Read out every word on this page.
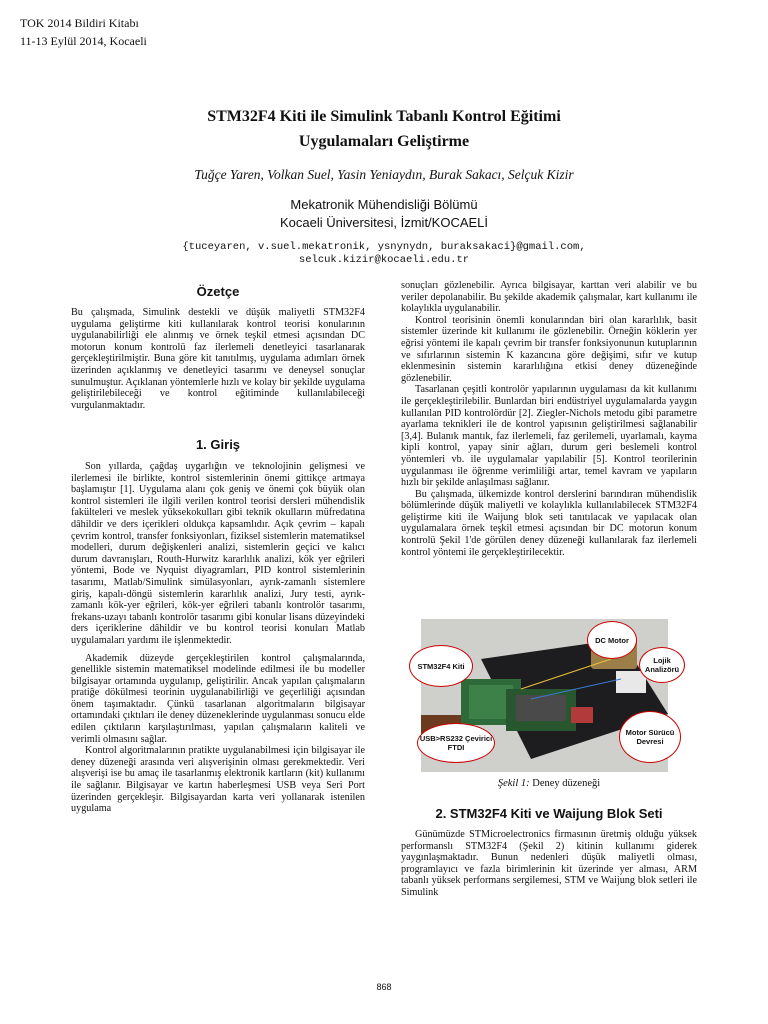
TOK 2014 Bildiri Kitabı
11-13 Eylül 2014, Kocaeli
STM32F4 Kiti ile Simulink Tabanlı Kontrol Eğitimi
Uygulamaları Geliştirme
Tuğçe Yaren, Volkan Suel, Yasin Yeniaydın, Burak Sakacı, Selçuk Kizir
Mekatronik Mühendisliği Bölümü
Kocaeli Üniversitesi, İzmit/KOCAELİ
{tuceyaren, v.suel.mekatronik, ysnynydn, buraksakaci}@gmail.com,
selcuk.kizir@kocaeli.edu.tr
Özetçe

Bu çalışmada, Simulink destekli ve düşük maliyetli STM32F4 uygulama geliştirme kiti kullanılarak kontrol teorisi konularının uygulanabilirliği ele alınmış ve örnek teşkil etmesi açısından DC motorun konum kontrolü faz ilerlemeli denetleyici tasarlanarak gerçekleştirilmiştir. Buna göre kit tanıtılmış, uygulama adımları örnek üzerinden açıklanmış ve denetleyici tasarımı ve deneysel sonuçlar sunulmuştur. Açıklanan yöntemlerle hızlı ve kolay bir şekilde uygulama geliştirilebileceği ve kontrol eğitiminde kullanılabileceği vurgulanmaktadır.

1. Giriş

Son yıllarda, çağdaş uygarlığın ve teknolojinin gelişmesi ve ilerlemesi ile birlikte, kontrol sistemlerinin önemi gittikçe artmaya başlamıştır [1]. Uygulama alanı çok geniş ve önemi çok büyük olan kontrol sistemleri ile ilgili verilen kontrol teorisi dersleri mühendislik fakülteleri ve meslek yüksekokulları gibi teknik okulların müfredatına dâhildir ve ders içerikleri oldukça kapsamlıdır. Açık çevrim – kapalı çevrim kontrol, transfer fonksiyonları, fiziksel sistemlerin matematiksel modelleri, durum değişkenleri analizi, sistemlerin geçici ve kalıcı durum davranışları, Routh-Hurwitz kararlılık analizi, kök yer eğrileri yöntemi, Bode ve Nyquist diyagramları, PID kontrol sistemlerinin tasarımı, Matlab/Simulink simülasyonları, ayrık-zamanlı sistemlere giriş, kapalı-döngü sistemlerin kararlılık analizi, Jury testi, ayrık-zamanlı kök-yer eğrileri, kök-yer eğrileri tabanlı kontrolör tasarımı, frekans-uzayı tabanlı kontrolör tasarımı gibi konular lisans düzeyindeki ders içeriklerine dâhildir ve bu kontrol teorisi konuları Matlab uygulamaları yardımı ile işlenmektedir.

Akademik düzeyde gerçekleştirilen kontrol çalışmalarında, genellikle sistemin matematiksel modelinde edilmesi ile bu modeller bilgisayar ortamında uygulanıp, geliştirilir. Ancak yapılan çalışmaların pratiğe dökülmesi teorinin uygulanabilirliği ve geçerliliği açısından önem taşımaktadır. Çünkü tasarlanan algoritmaların bilgisayar ortamındaki çıktıları ile deney düzeneklerinde uygulanması sonucu elde edilen çıktıların karşılaştırılması, yapılan çalışmaların kaliteli ve verimli olmasını sağlar.

Kontrol algoritmalarının pratikte uygulanabilmesi için bilgisayar ile deney düzeneği arasında veri alışverişinin olması gerekmektedir. Veri alışverişi ise bu amaç ile tasarlanmış elektronik kartların (kit) kullanımı ile sağlanır. Bilgisayar ve kartın haberleşmesi USB veya Seri Port üzerinden gerçekleşir. Bilgisayardan karta veri yollanarak istenilen uygulama

sonuçları gözlenebilir. Ayrıca bilgisayar, karttan veri alabilir ve bu veriler depolanabilir. Bu şekilde akademik çalışmalar, kart kullanımı ile kolaylıkla uygulanabilir.

Kontrol teorisinin önemli konularından biri olan kararlılık, basit sistemler üzerinde kit kullanımı ile gözlenebilir. Örneğin köklerin yer eğrisi yöntemi ile kapalı çevrim bir transfer fonksiyonunun kutuplarının ve sıfırlarının sistemin K kazancına göre değişimi, sıfır ve kutup eklenmesinin sistemin kararlılığına etkisi deney düzeneğinde gözlenebilir.

Tasarlanan çeşitli kontrolör yapılarının uygulaması da kit kullanımı ile gerçekleştirilebilir. Bunlardan biri endüstriyel uygulamalarda yaygın kullanılan PID kontrolördür [2]. Ziegler-Nichols metodu gibi parametre ayarlama teknikleri ile de kontrol yapısının geliştirilmesi sağlanabilir [3,4]. Bulanık mantık, faz ilerlemeli, faz gerilemeli, uyarlamalı, kayma kipli kontrol, yapay sinir ağları, durum geri beslemeli kontrol yöntemleri vb. ile uygulamalar yapılabilir [5]. Kontrol teorilerinin uygulanması ile öğrenme verimliliği artar, temel kavram ve yapıların hızlı bir şekilde anlaşılması sağlanır.

Bu çalışmada, ülkemizde kontrol derslerini barındıran mühendislik bölümlerinde düşük maliyetli ve kolaylıkla kullanılabilecek STM32F4 geliştirme kiti ile Waijung blok seti tanıtılacak ve yapılacak olan uygulamalara örnek teşkil etmesi açısından bir DC motorun konum kontrolü Şekil 1'de görülen deney düzeneği kullanılarak faz ilerlemeli kontrol yöntemi ile gerçekleştirilecektir.

DC Motor
STM32F4 Kiti
Lojik Analizörü
USB>RS232 Çevirici FTDI
Motor Sürücü Devresi
Şekil 1: Deney düzeneği
2. STM32F4 Kiti ve Waijung Blok Seti

Günümüzde STMicroelectronics firmasının üretmiş olduğu yüksek performanslı STM32F4 (Şekil 2) kitinin kullanımı giderek yaygınlaşmaktadır. Bunun nedenleri düşük maliyetli olması, programlayıcı ve fazla birimlerinin kit üzerinde yer alması, ARM tabanlı yüksek performans sergilemesi, STM ve Waijung blok setleri ile Simulink

868
